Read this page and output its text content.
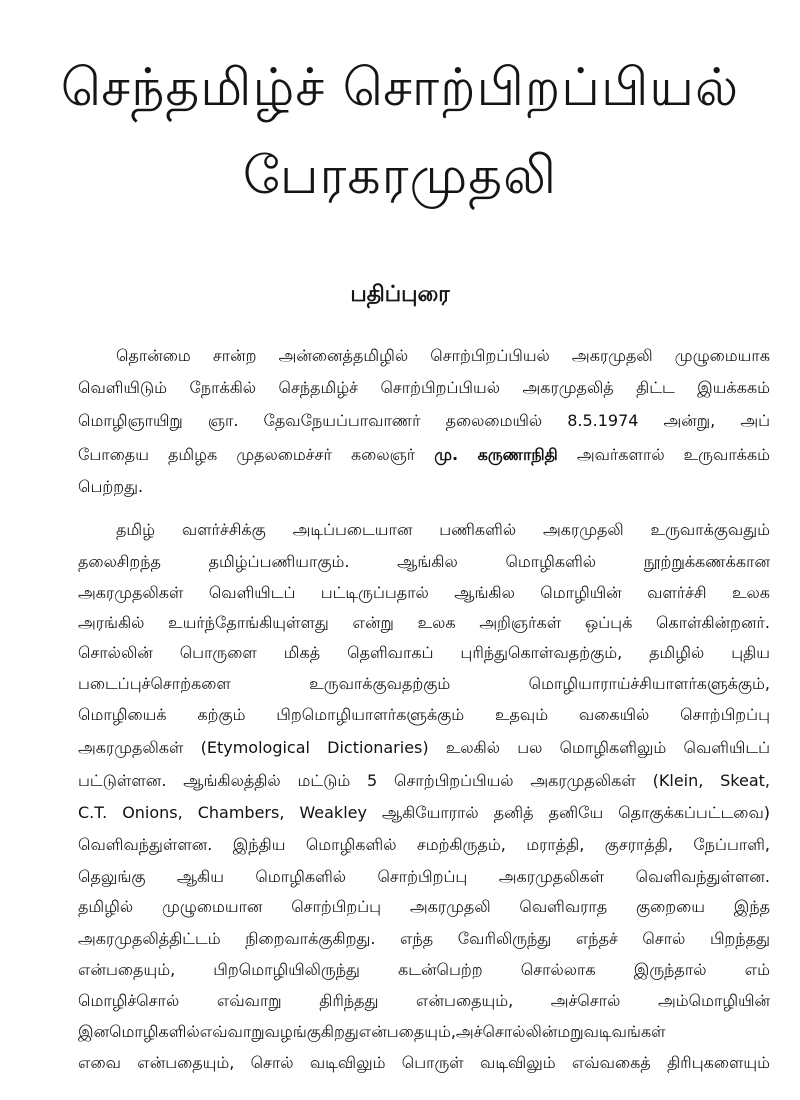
செந்தமிழ்ச் சொற்பிறப்பியல்
பேரகரமுதலி
பதிப்புரை
தொன்மை சான்ற அன்னைத்தமிழில் சொற்பிறப்பியல் அகரமுதலி முழுமையாக
வெளியிடும் நோக்கில் செந்தமிழ்ச் சொற்பிறப்பியல் அகரமுதலித் திட்ட இயக்ககம்
மொழிஞாயிறு ஞா. தேவநேயப்பாவாணர் தலைமையில் 8.5.1974 அன்று, அப்
போதைய தமிழக முதலமைச்சர் கலைஞர் மு. கருணாநிதி அவர்களால் உருவாக்கம்
பெற்றது.
தமிழ் வளர்ச்சிக்கு அடிப்படையான பணிகளில் அகரமுதலி உருவாக்குவதும்
தலைசிறந்த தமிழ்ப்பணியாகும். ஆங்கில மொழிகளில் நூற்றுக்கணக்கான
அகரமுதலிகள் வெளியிடப் பட்டிருப்பதால் ஆங்கில மொழியின் வளர்ச்சி உலக
அரங்கில் உயர்ந்தோங்கியுள்ளது என்று உலக அறிஞர்கள் ஒப்புக் கொள்கின்றனர்.
சொல்லின் பொருளை மிகத் தெளிவாகப் புரிந்துகொள்வதற்கும், தமிழில் புதிய
படைப்புச்சொற்களை உருவாக்குவதற்கும் மொழியாராய்ச்சியாளர்களுக்கும்,
மொழியைக் கற்கும் பிறமொழியாளர்களுக்கும் உதவும் வகையில் சொற்பிறப்பு
அகரமுதலிகள் (Etymological Dictionaries) உலகில் பல மொழிகளிலும் வெளியிடப்
பட்டுள்ளன. ஆங்கிலத்தில் மட்டும் 5 சொற்பிறப்பியல் அகரமுதலிகள் (Klein, Skeat,
C.T. Onions, Chambers, Weakley ஆகியோரால் தனித் தனியே தொகுக்கப்பட்டவை)
வெளிவந்துள்ளன. இந்திய மொழிகளில் சமற்கிருதம், மராத்தி, குசராத்தி, நேப்பாளி,
தெலுங்கு ஆகிய மொழிகளில் சொற்பிறப்பு அகரமுதலிகள் வெளிவந்துள்ளன.
தமிழில் முழுமையான சொற்பிறப்பு அகரமுதலி வெளிவராத குறையை இந்த
அகரமுதலித்திட்டம் நிறைவாக்குகிறது. எந்த வேரிலிருந்து எந்தச் சொல் பிறந்தது
என்பதையும், பிறமொழியிலிருந்து கடன்பெற்ற சொல்லாக இருந்தால் எம்
மொழிச்சொல் எவ்வாறு திரிந்தது என்பதையும், அச்சொல் அம்மொழியின்
இனமொழிகளில்எவ்வாறுவழங்குகிறதுஎன்பதையும்,அச்சொல்லின்மறுவடிவங்கள்
எவை என்பதையும், சொல் வடிவிலும் பொருள் வடிவிலும் எவ்வகைத் திரிபுகளையும்
